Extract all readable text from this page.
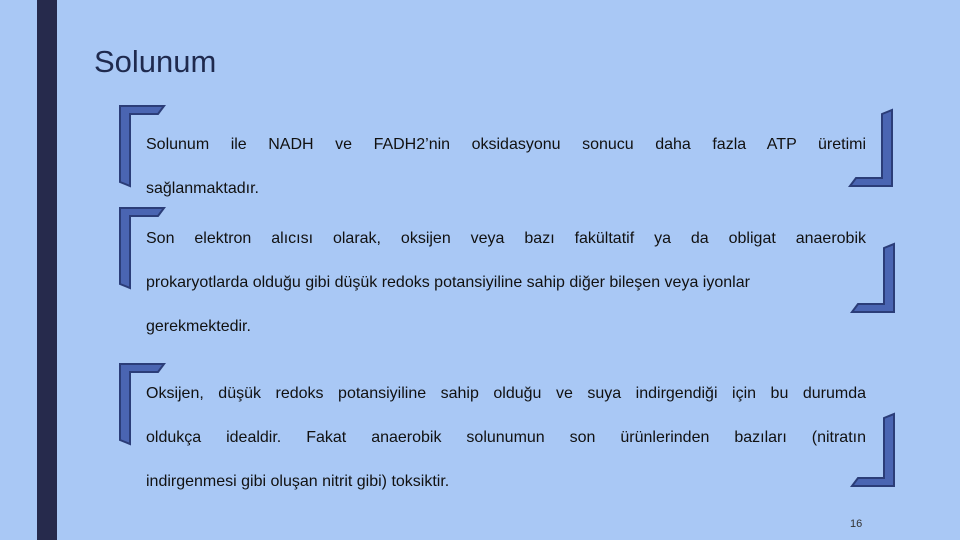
Solunum
Solunum ile NADH ve FADH2’nin oksidasyonu sonucu daha fazla ATP üretimi
sağlanmaktadır.
Son elektron alıcısı olarak, oksijen veya bazı fakültatif ya da obligat anaerobik
prokaryotlarda olduğu gibi düşük redoks potansiyiline sahip diğer bileşen veya iyonlar
gerekmektedir.
Oksijen, düşük redoks potansiyiline sahip olduğu ve suya indirgendiği için bu durumda
oldukça idealdir. Fakat anaerobik solunumun son ürünlerinden bazıları (nitratın
indirgenmesi gibi oluşan nitrit gibi) toksiktir.
16
